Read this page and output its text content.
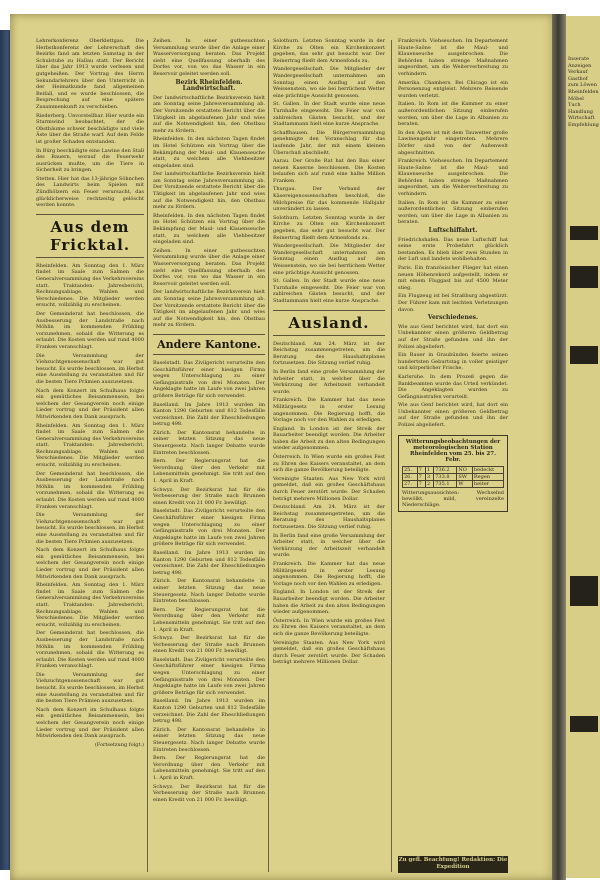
Lehrerkonferenz Oberklettgau. Die Herbstkonferenz der Lehrerschaft des Bezirks fand am letzten Samstag in der Schulstube zu Hallau statt. Der Bericht über das Jahr 1913 wurde verlesen und gutgeheißen. Der Vortrag des Herrn Sekundarlehrers über den Unterricht in der Heimatkunde fand allgemeinen Beifall, und es wurde beschlossen, die Besprechung auf eine spätere Zusammenkunft zu verschieben.

Riederberg. Unvorstellbar. Hier wurde ein Sturmwind beobachtet, der die Obstbäume schwer beschädigte und viele Äste über die Straße warf. Auf dem Felde ist großer Schaden entstanden.

In Bürg beschädigte eine Lawine den Stall des Bauern, worauf die Feuerwehr ausrücken mußte, um die Tiere in Sicherheit zu bringen.

Stetten. Hier hat das 13-jährige Söhnchen des Landwirts beim Spielen mit Zündhölzern ein Feuer verursacht, das glücklicherweise rechtzeitig gelöscht werden konnte.

Aus dem Fricktal.

Rheinfelden. Am Sonntag den 1. März findet im Saale zum Salmen die Generalversammlung des Verkehrsvereins statt. Traktanden: Jahresbericht, Rechnungsablage, Wahlen und Verschiedenes. Die Mitglieder werden ersucht, vollzählig zu erscheinen.

Der Gemeinderat hat beschlossen, die Ausbesserung der Landstraße nach Möhlin im kommenden Frühling vorzunehmen, sobald die Witterung es erlaubt. Die Kosten werden auf rund 4000 Franken veranschlagt.

Die Versammlung der Viehzuchtgenossenschaft war gut besucht. Es wurde beschlossen, im Herbst eine Ausstellung zu veranstalten und für die besten Tiere Prämien auszusetzen.

Nach dem Konzert im Schulhaus folgte ein gemütliches Beisammensein, bei welchem der Gesangverein noch einige Lieder vortrug und der Präsident allen Mitwirkenden den Dank aussprach.

Rheinfelden. Am Sonntag den 1. März findet im Saale zum Salmen die Generalversammlung des Verkehrsvereins statt. Traktanden: Jahresbericht, Rechnungsablage, Wahlen und Verschiedenes. Die Mitglieder werden ersucht, vollzählig zu erscheinen.

Der Gemeinderat hat beschlossen, die Ausbesserung der Landstraße nach Möhlin im kommenden Frühling vorzunehmen, sobald die Witterung es erlaubt. Die Kosten werden auf rund 4000 Franken veranschlagt.

Die Versammlung der Viehzuchtgenossenschaft war gut besucht. Es wurde beschlossen, im Herbst eine Ausstellung zu veranstalten und für die besten Tiere Prämien auszusetzen.

Nach dem Konzert im Schulhaus folgte ein gemütliches Beisammensein, bei welchem der Gesangverein noch einige Lieder vortrug und der Präsident allen Mitwirkenden den Dank aussprach.

Rheinfelden. Am Sonntag den 1. März findet im Saale zum Salmen die Generalversammlung des Verkehrsvereins statt. Traktanden: Jahresbericht, Rechnungsablage, Wahlen und Verschiedenes. Die Mitglieder werden ersucht, vollzählig zu erscheinen.

Der Gemeinderat hat beschlossen, die Ausbesserung der Landstraße nach Möhlin im kommenden Frühling vorzunehmen, sobald die Witterung es erlaubt. Die Kosten werden auf rund 4000 Franken veranschlagt.

Die Versammlung der Viehzuchtgenossenschaft war gut besucht. Es wurde beschlossen, im Herbst eine Ausstellung zu veranstalten und für die besten Tiere Prämien auszusetzen.

Nach dem Konzert im Schulhaus folgte ein gemütliches Beisammensein, bei welchem der Gesangverein noch einige Lieder vortrug und der Präsident allen Mitwirkenden den Dank aussprach.

(Fortsetzung folgt.)

Zeihen. In einer gutbesuchten Versammlung wurde über die Anlage einer Wasserversorgung beraten. Das Projekt sieht eine Quellfassung oberhalb des Dorfes vor, von wo das Wasser in ein Reservoir geleitet werden soll.

Bezirk Rheinfelden. Landwirtschaft.

Der landwirtschaftliche Bezirksverein hielt am Sonntag seine Jahresversammlung ab. Der Vorsitzende erstattete Bericht über die Tätigkeit im abgelaufenen Jahr und wies auf die Notwendigkeit hin, den Obstbau mehr zu fördern.

Rheinfelden. In den nächsten Tagen findet im Hotel Schützen ein Vortrag über die Bekämpfung der Maul- und Klauenseuche statt, zu welchem alle Viehbesitzer eingeladen sind.

Der landwirtschaftliche Bezirksverein hielt am Sonntag seine Jahresversammlung ab. Der Vorsitzende erstattete Bericht über die Tätigkeit im abgelaufenen Jahr und wies auf die Notwendigkeit hin, den Obstbau mehr zu fördern.

Rheinfelden. In den nächsten Tagen findet im Hotel Schützen ein Vortrag über die Bekämpfung der Maul- und Klauenseuche statt, zu welchem alle Viehbesitzer eingeladen sind.

Zeihen. In einer gutbesuchten Versammlung wurde über die Anlage einer Wasserversorgung beraten. Das Projekt sieht eine Quellfassung oberhalb des Dorfes vor, von wo das Wasser in ein Reservoir geleitet werden soll.

Der landwirtschaftliche Bezirksverein hielt am Sonntag seine Jahresversammlung ab. Der Vorsitzende erstattete Bericht über die Tätigkeit im abgelaufenen Jahr und wies auf die Notwendigkeit hin, den Obstbau mehr zu fördern.

Andere Kantone.

Baselstadt. Das Zivilgericht verurteilte den Geschäftsführer einer hiesigen Firma wegen Unterschlagung zu einer Gefängnisstrafe von drei Monaten. Der Angeklagte hatte im Laufe von zwei Jahren größere Beträge für sich verwendet.

Baselland. Im Jahre 1913 wurden im Kanton 1290 Geburten und 812 Todesfälle verzeichnet. Die Zahl der Eheschließungen betrug 498.

Zürich. Der Kantonsrat behandelte in seiner letzten Sitzung das neue Steuergesetz. Nach langer Debatte wurde Eintreten beschlossen.

Bern. Der Regierungsrat hat die Verordnung über den Verkehr mit Lebensmitteln genehmigt. Sie tritt auf den 1. April in Kraft.

Schwyz. Der Bezirksrat hat für die Verbesserung der Straße nach Brunnen einen Kredit von 21 000 Fr. bewilligt.

Baselstadt. Das Zivilgericht verurteilte den Geschäftsführer einer hiesigen Firma wegen Unterschlagung zu einer Gefängnisstrafe von drei Monaten. Der Angeklagte hatte im Laufe von zwei Jahren größere Beträge für sich verwendet.

Baselland. Im Jahre 1913 wurden im Kanton 1290 Geburten und 812 Todesfälle verzeichnet. Die Zahl der Eheschließungen betrug 498.

Zürich. Der Kantonsrat behandelte in seiner letzten Sitzung das neue Steuergesetz. Nach langer Debatte wurde Eintreten beschlossen.

Bern. Der Regierungsrat hat die Verordnung über den Verkehr mit Lebensmitteln genehmigt. Sie tritt auf den 1. April in Kraft.

Schwyz. Der Bezirksrat hat für die Verbesserung der Straße nach Brunnen einen Kredit von 21 000 Fr. bewilligt.

Baselstadt. Das Zivilgericht verurteilte den Geschäftsführer einer hiesigen Firma wegen Unterschlagung zu einer Gefängnisstrafe von drei Monaten. Der Angeklagte hatte im Laufe von zwei Jahren größere Beträge für sich verwendet.

Baselland. Im Jahre 1913 wurden im Kanton 1290 Geburten und 812 Todesfälle verzeichnet. Die Zahl der Eheschließungen betrug 498.

Zürich. Der Kantonsrat behandelte in seiner letzten Sitzung das neue Steuergesetz. Nach langer Debatte wurde Eintreten beschlossen.

Bern. Der Regierungsrat hat die Verordnung über den Verkehr mit Lebensmitteln genehmigt. Sie tritt auf den 1. April in Kraft.

Schwyz. Der Bezirksrat hat für die Verbesserung der Straße nach Brunnen einen Kredit von 21 000 Fr. bewilligt.

Solothurn. Letzten Sonntag wurde in der Kirche zu Olten ein Kirchenkonzert gegeben, das sehr gut besucht war. Der Reinertrag fließt dem Armenfonds zu.

Wandergesellschaft. Die Mitglieder der Wandergesellschaft unternahmen am Sonntag einen Ausflug auf den Weissenstein, wo sie bei herrlichem Wetter eine prächtige Aussicht genossen.

St. Gallen. In der Stadt wurde eine neue Turnhalle eingeweiht. Die Feier war von zahlreichen Gästen besucht, und der Stadtammann hielt eine kurze Ansprache.

Schaffhausen. Die Bürgerversammlung genehmigte den Voranschlag für das laufende Jahr, der mit einem kleinen Überschuß abschließt.

Aarau. Der Große Rat hat den Bau einer neuen Kaserne beschlossen. Die Kosten belaufen sich auf rund eine halbe Million Franken.

Thurgau. Der Verband der Käsereigenossenschaften beschloß, die Milchpreise für das kommende Halbjahr unverändert zu lassen.

Solothurn. Letzten Sonntag wurde in der Kirche zu Olten ein Kirchenkonzert gegeben, das sehr gut besucht war. Der Reinertrag fließt dem Armenfonds zu.

Wandergesellschaft. Die Mitglieder der Wandergesellschaft unternahmen am Sonntag einen Ausflug auf den Weissenstein, wo sie bei herrlichem Wetter eine prächtige Aussicht genossen.

St. Gallen. In der Stadt wurde eine neue Turnhalle eingeweiht. Die Feier war von zahlreichen Gästen besucht, und der Stadtammann hielt eine kurze Ansprache.

Ausland.

Deutschland. Am 24. März ist der Reichstag zusammengetreten, um die Beratung des Haushaltsplanes fortzusetzen. Die Sitzung verlief ruhig.

In Berlin fand eine große Versammlung der Arbeiter statt, in welcher über die Verkürzung der Arbeitszeit verhandelt wurde.

Frankreich. Die Kammer hat das neue Militärgesetz in erster Lesung angenommen. Die Regierung hofft, die Vorlage noch vor den Wahlen zu erledigen.

England. In London ist der Streik der Bauarbeiter beendigt worden. Die Arbeiter haben die Arbeit zu den alten Bedingungen wieder aufgenommen.

Österreich. In Wien wurde ein großes Fest zu Ehren des Kaisers veranstaltet, an dem sich die ganze Bevölkerung beteiligte.

Vereinigte Staaten. Aus New York wird gemeldet, daß ein großes Geschäftshaus durch Feuer zerstört wurde. Der Schaden beträgt mehrere Millionen Dollar.

Deutschland. Am 24. März ist der Reichstag zusammengetreten, um die Beratung des Haushaltsplanes fortzusetzen. Die Sitzung verlief ruhig.

In Berlin fand eine große Versammlung der Arbeiter statt, in welcher über die Verkürzung der Arbeitszeit verhandelt wurde.

Frankreich. Die Kammer hat das neue Militärgesetz in erster Lesung angenommen. Die Regierung hofft, die Vorlage noch vor den Wahlen zu erledigen.

England. In London ist der Streik der Bauarbeiter beendigt worden. Die Arbeiter haben die Arbeit zu den alten Bedingungen wieder aufgenommen.

Österreich. In Wien wurde ein großes Fest zu Ehren des Kaisers veranstaltet, an dem sich die ganze Bevölkerung beteiligte.

Vereinigte Staaten. Aus New York wird gemeldet, daß ein großes Geschäftshaus durch Feuer zerstört wurde. Der Schaden beträgt mehrere Millionen Dollar.

Frankreich. Viehseuchen. Im Departement Haute-Saône ist die Maul- und Klauenseuche ausgebrochen. Die Behörden haben strenge Maßnahmen angeordnet, um die Weiterverbreitung zu verhindern.

Amerika. Chambers. Bei Chicago ist ein Personenzug entgleist. Mehrere Reisende wurden verletzt.

Italien. In Rom ist die Kammer zu einer außerordentlichen Sitzung einberufen worden, um über die Lage in Albanien zu beraten.

In den Alpen ist mit dem Tauwetter große Lawinengefahr eingetreten. Mehrere Dörfer sind von der Außenwelt abgeschnitten.

Frankreich. Viehseuchen. Im Departement Haute-Saône ist die Maul- und Klauenseuche ausgebrochen. Die Behörden haben strenge Maßnahmen angeordnet, um die Weiterverbreitung zu verhindern.

Italien. In Rom ist die Kammer zu einer außerordentlichen Sitzung einberufen worden, um über die Lage in Albanien zu beraten.

Luftschiffahrt.

Friedrichshafen. Das neue Luftschiff hat seine erste Probefahrt glücklich bestanden. Es blieb über zwei Stunden in der Luft und landete wohlbehalten.

Paris. Ein französischer Flieger hat einen neuen Höhenrekord aufgestellt, indem er mit einem Fluggast bis auf 4500 Meter stieg.

Ein Flugzeug ist bei Straßburg abgestürzt. Der Führer kam mit leichten Verletzungen davon.

Verschiedenes.

Wie aus Genf berichtet wird, hat dort ein Unbekannter einen größeren Geldbetrag auf der Straße gefunden und ihn der Polizei abgeliefert.

Ein Bauer in Graubünden feierte seinen hundertsten Geburtstag in voller geistiger und körperlicher Frische.

Karlsruhe. In dem Prozeß gegen die Bankbeamten wurde das Urteil verkündet. Die Angeklagten wurden zu Gefängnisstrafen verurteilt.

Wie aus Genf berichtet wird, hat dort ein Unbekannter einen größeren Geldbetrag auf der Straße gefunden und ihn der Polizei abgeliefert.

Witterungsbeobachtungen der meteorologischen Station Rheinfelden vom 25. bis 27. Febr.
25.	7	1	736.2	NO	bedeckt
26.	7	3	733.8	SW	Regen
27.	7	2	735.1	W	heiter
Witterungsaussichten: Wechselnd bewölkt, mild, vereinzelte Niederschläge.
Zu gefl. Beachtung! Redaktion: Die Expedition
Inserate Anzeigen Verkauf Gasthof zum Löwen Rheinfelden Möbel Tuch Handlung Wirtschaft Empfehlung
